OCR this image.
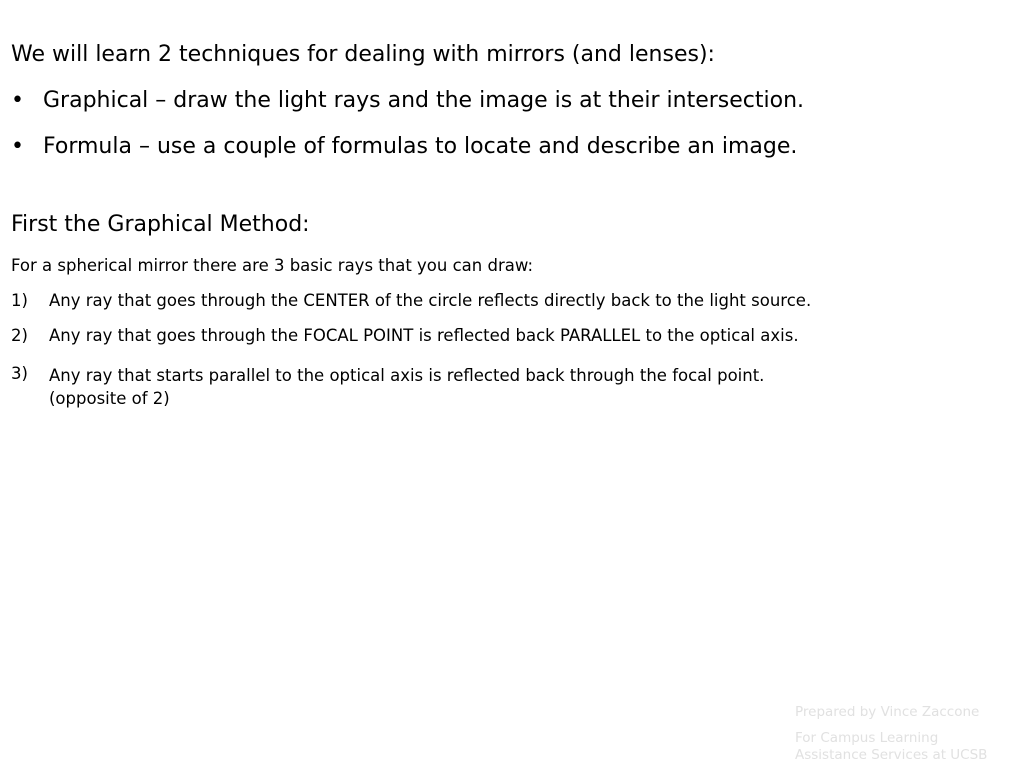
We will learn 2 techniques for dealing with mirrors (and lenses):
• Graphical – draw the light rays and the image is at their intersection.
• Formula – use a couple of formulas to locate and describe an image.
First the Graphical Method:
For a spherical mirror there are 3 basic rays that you can draw:
1)	Any ray that goes through the CENTER of the circle reflects directly back to the light source.
2)	Any ray that goes through the FOCAL POINT is reflected back PARALLEL to the optical axis.
3)	Any ray that starts parallel to the optical axis is reflected back through the focal point.
(opposite of 2)
Prepared by Vince Zaccone
For Campus Learning
Assistance Services at UCSB
